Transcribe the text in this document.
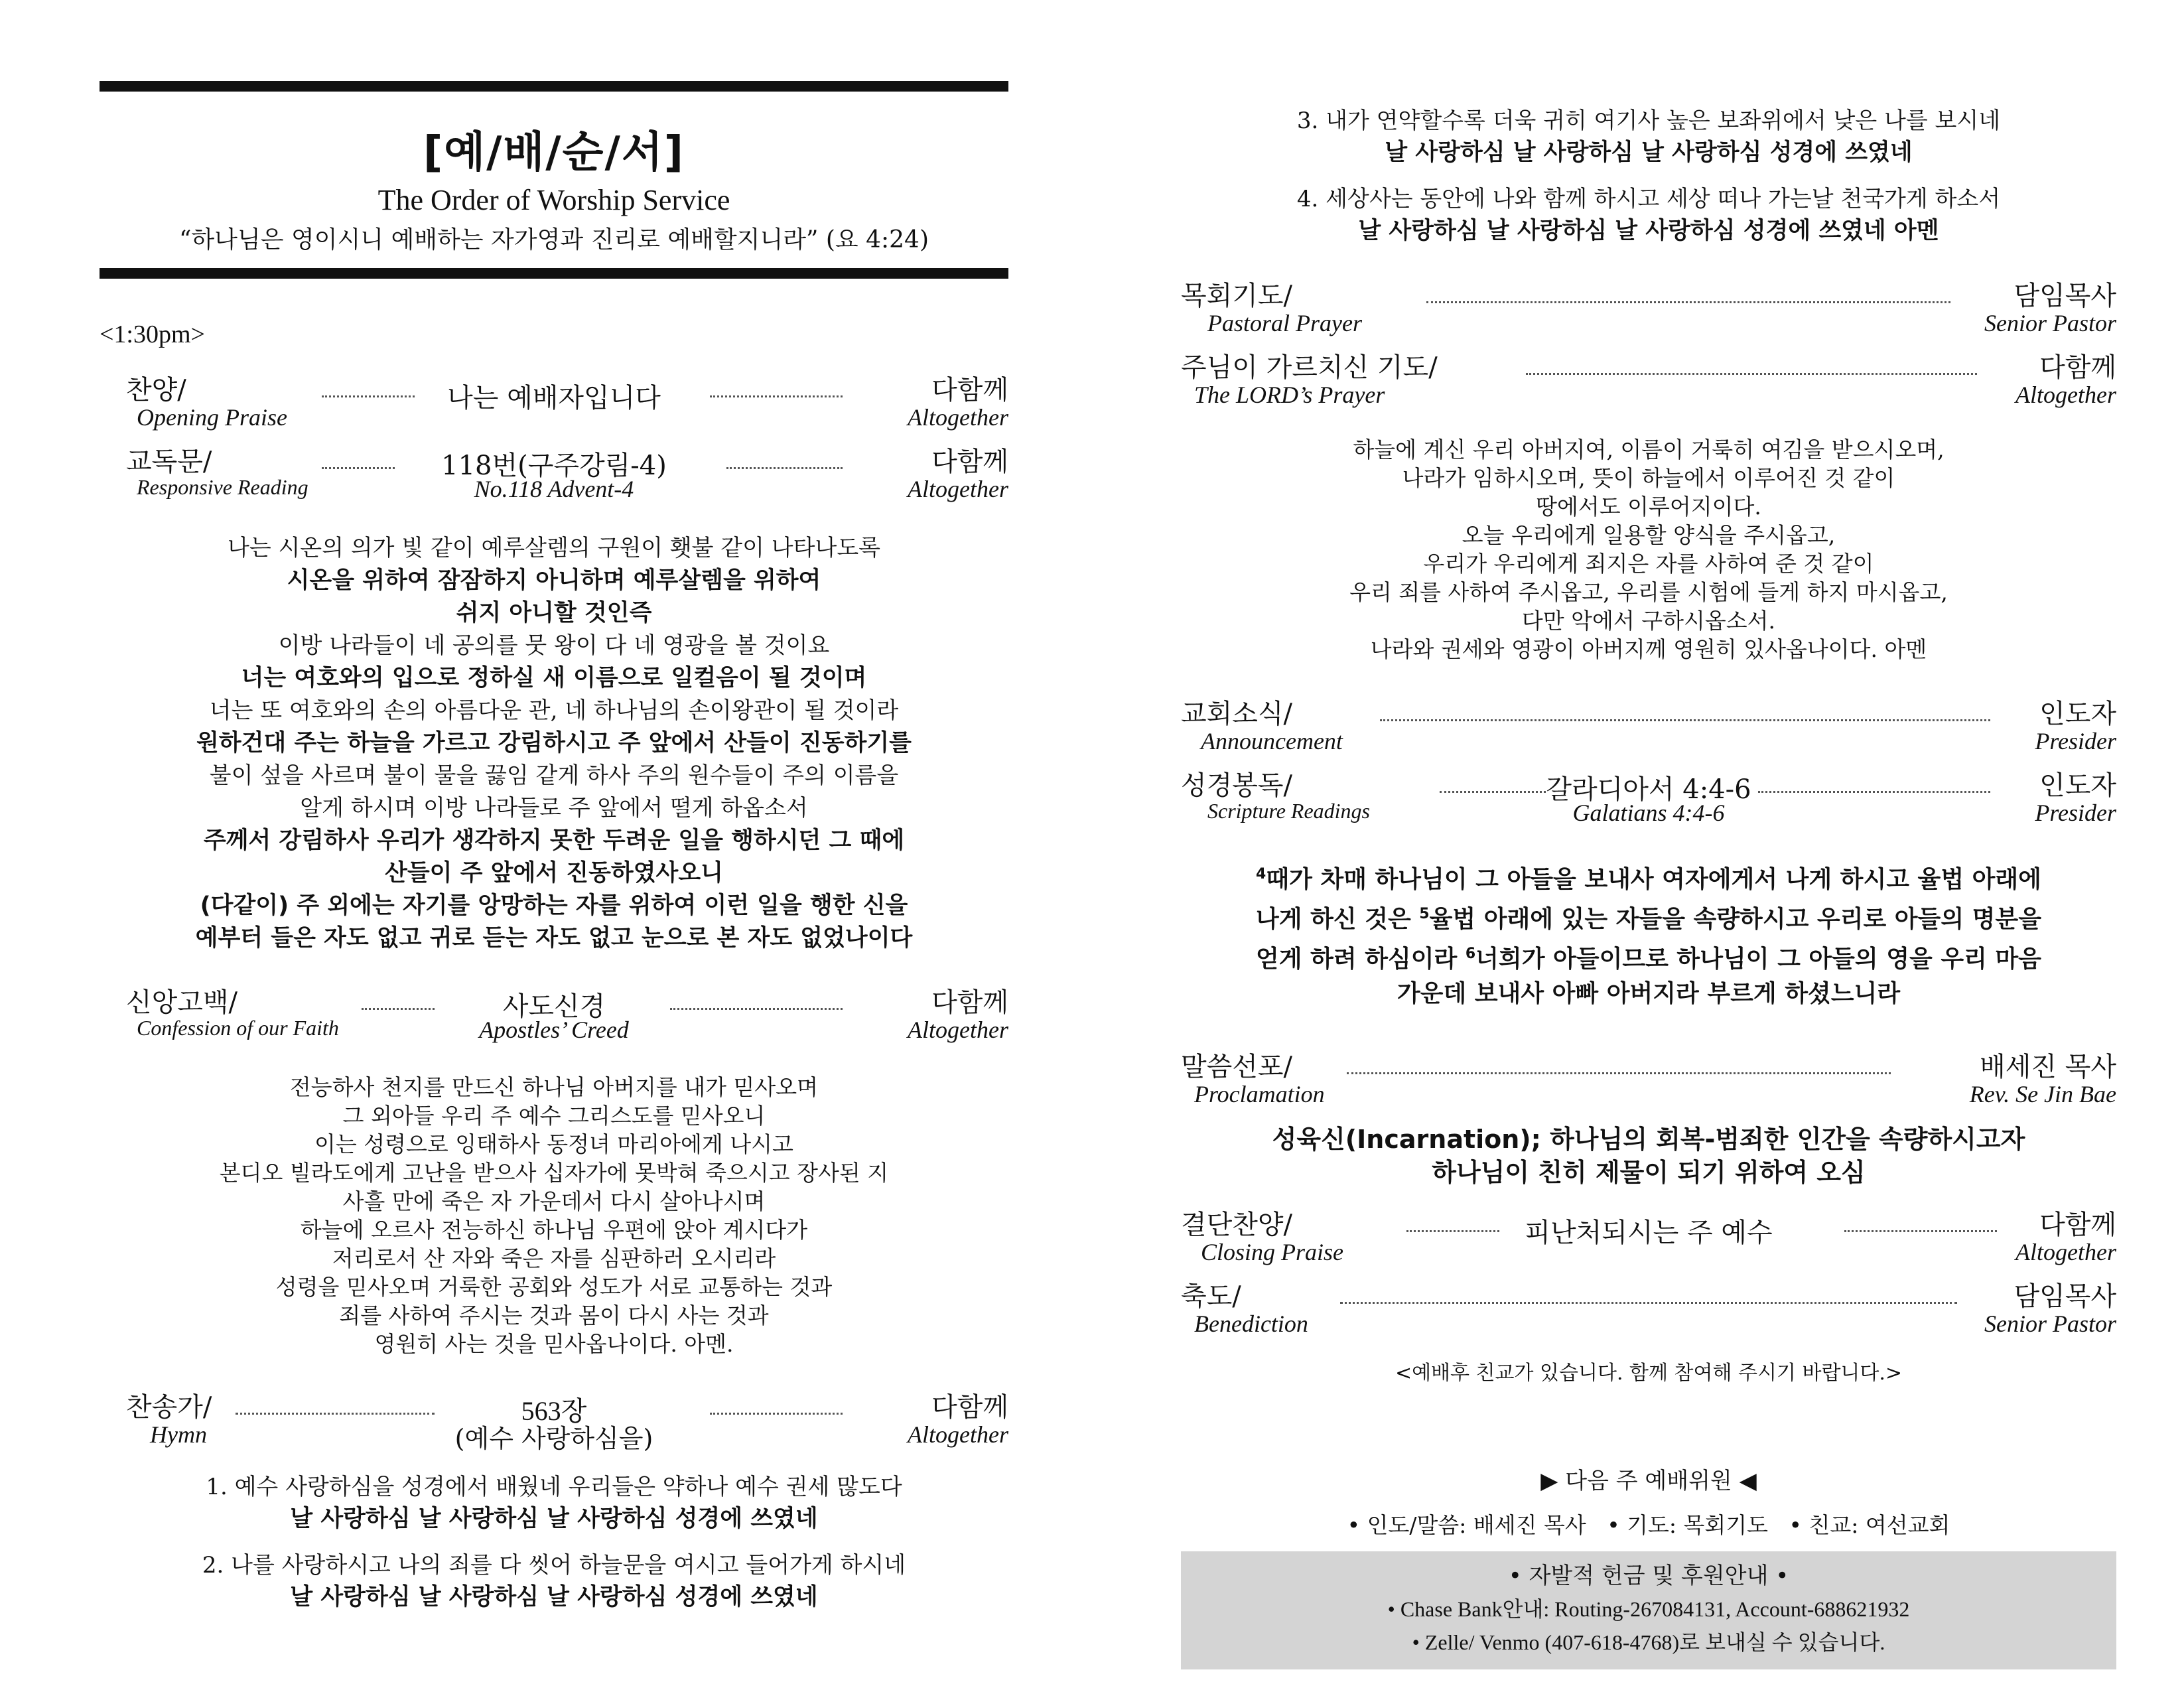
[예/배/순/서]
The Order of Worship Service
“하나님은 영이시니 예배하는 자가영과 진리로 예배할지니라” (요 4:24)
<1:30pm>
찬양/
Opening Praise
나는 예배자입니다	다함께
Altogether
교독문/
Responsive Reading
118번(구주강림-4)
No.118 Advent-4
다함께
Altogether
나는 시온의 의가 빛 같이 예루살렘의 구원이 횃불 같이 나타나도록
시온을 위하여 잠잠하지 아니하며 예루살렘을 위하여
쉬지 아니할 것인즉
이방 나라들이 네 공의를 뭇 왕이 다 네 영광을 볼 것이요
너는 여호와의 입으로 정하실 새 이름으로 일컬음이 될 것이며
너는 또 여호와의 손의 아름다운 관, 네 하나님의 손이왕관이 될 것이라
원하건대 주는 하늘을 가르고 강림하시고 주 앞에서 산들이 진동하기를
불이 섶을 사르며 불이 물을 끓임 같게 하사 주의 원수들이 주의 이름을
알게 하시며 이방 나라들로 주 앞에서 떨게 하옵소서
주께서 강림하사 우리가 생각하지 못한 두려운 일을 행하시던 그 때에
산들이 주 앞에서 진동하였사오니
(다같이) 주 외에는 자기를 앙망하는 자를 위하여 이런 일을 행한 신을
예부터 들은 자도 없고 귀로 듣는 자도 없고 눈으로 본 자도 없었나이다
신앙고백/
Confession of our Faith
사도신경
Apostles’ Creed
다함께
Altogether
전능하사 천지를 만드신 하나님 아버지를 내가 믿사오며
그 외아들 우리 주 예수 그리스도를 믿사오니
이는 성령으로 잉태하사 동정녀 마리아에게 나시고
본디오 빌라도에게 고난을 받으사 십자가에 못박혀 죽으시고 장사된 지
사흘 만에 죽은 자 가운데서 다시 살아나시며
하늘에 오르사 전능하신 하나님 우편에 앉아 계시다가
저리로서 산 자와 죽은 자를 심판하러 오시리라
성령을 믿사오며 거룩한 공회와 성도가 서로 교통하는 것과
죄를 사하여 주시는 것과 몸이 다시 사는 것과
영원히 사는 것을 믿사옵나이다. 아멘.
찬송가/
Hymn
563장
(예수 사랑하심을)
다함께
Altogether
1. 예수 사랑하심을 성경에서 배웠네 우리들은 약하나 예수 권세 많도다
날 사랑하심 날 사랑하심 날 사랑하심 성경에 쓰였네
2. 나를 사랑하시고 나의 죄를 다 씻어 하늘문을 여시고 들어가게 하시네
날 사랑하심 날 사랑하심 날 사랑하심 성경에 쓰였네
3. 내가 연약할수록 더욱 귀히 여기사 높은 보좌위에서 낮은 나를 보시네
날 사랑하심 날 사랑하심 날 사랑하심 성경에 쓰였네
4. 세상사는 동안에 나와 함께 하시고 세상 떠나 가는날 천국가게 하소서
날 사랑하심 날 사랑하심 날 사랑하심 성경에 쓰였네 아멘
목회기도/
Pastoral Prayer
담임목사
Senior Pastor
주님이 가르치신 기도/
The LORD’s Prayer
다함께
Altogether
하늘에 계신 우리 아버지여, 이름이 거룩히 여김을 받으시오며,
나라가 임하시오며, 뜻이 하늘에서 이루어진 것 같이
땅에서도 이루어지이다.
오늘 우리에게 일용할 양식을 주시옵고,
우리가 우리에게 죄지은 자를 사하여 준 것 같이
우리 죄를 사하여 주시옵고, 우리를 시험에 들게 하지 마시옵고,
다만 악에서 구하시옵소서.
나라와 권세와 영광이 아버지께 영원히 있사옵나이다. 아멘
교회소식/
Announcement
인도자
Presider
성경봉독/
Scripture Readings
갈라디아서 4:4-6
Galatians 4:4-6
인도자
Presider
$^4$때가 차매 하나님이 그 아들을 보내사 여자에게서 나게 하시고 율법 아래에
나게 하신 것은 $^5$율법 아래에 있는 자들을 속량하시고 우리로 아들의 명분을
얻게 하려 하심이라 $^6$너희가 아들이므로 하나님이 그 아들의 영을 우리 마음
가운데 보내사 아빠 아버지라 부르게 하셨느니라
말씀선포/
Proclamation
배세진 목사
Rev. Se Jin Bae
성육신(Incarnation); 하나님의 회복-범죄한 인간을 속량하시고자
하나님이 친히 제물이 되기 위하여 오심
결단찬양/
Closing Praise
피난처되시는 주 예수	다함께
Altogether
축도/
Benediction
담임목사
Senior Pastor
<예배후 친교가 있습니다. 함께 참여해 주시기 바랍니다.>
▶ 다음 주 예배위원 ◀
• 인도/말씀: 배세진 목사   • 기도: 목회기도   • 친교: 여선교회
• 자발적 헌금 및 후원안내 •
• Chase Bank안내: Routing-267084131, Account-688621932
• Zelle/ Venmo (407-618-4768)로 보내실 수 있습니다.
